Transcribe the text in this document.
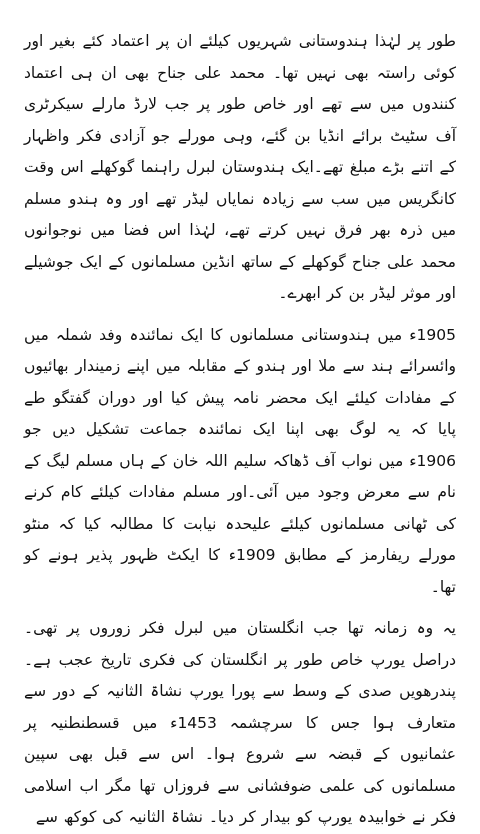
طور پر لہٰذا ہندوستانی شہریوں کیلئے ان پر اعتماد کئے بغیر اور کوئی راستہ بھی نہیں تھا۔ محمد علی جناح بھی ان ہی اعتماد کنندوں میں سے تھے اور خاص طور پر جب لارڈ مارلے سیکرٹری آف سٹیٹ برائے انڈیا بن گئے، وہی مورلے جو آزادی فکر واظہار کے اتنے بڑے مبلغ تھے۔ایک ہندوستان لبرل راہنما گوکھلے اس وقت کانگریس میں سب سے زیادہ نمایاں لیڈر تھے اور وہ ہندو مسلم میں ذرہ بھر فرق نہیں کرتے تھے، لہٰذا اس فضا میں نوجوانوں محمد علی جناح گوکھلے کے ساتھ انڈین مسلمانوں کے ایک جوشیلے اور موثر لیڈر بن کر ابھرے۔

1905ء میں ہندوستانی مسلمانوں کا ایک نمائندہ وفد شملہ میں وائسرائے ہند سے ملا اور ہندو کے مقابلہ میں اپنے زمیندار بھائیوں کے مفادات کیلئے ایک محضر نامہ پیش کیا اور دوران گفتگو طے پایا کہ یہ لوگ بھی اپنا ایک نمائندہ جماعت تشکیل دیں جو 1906ء میں نواب آف ڈھاکہ سلیم اللہ خان کے ہاں مسلم لیگ کے نام سے معرض وجود میں آئی۔اور مسلم مفادات کیلئے کام کرنے کی ٹھانی مسلمانوں کیلئے علیحدہ نیابت کا مطالبہ کیا کہ منٹو مورلے ریفارمز کے مطابق 1909ء کا ایکٹ ظہور پذیر ہونے کو تھا۔

یہ وہ زمانہ تھا جب انگلستان میں لبرل فکر زوروں پر تھی۔ دراصل یورپ خاص طور پر انگلستان کی فکری تاریخ عجب ہے۔ پندرھویں صدی کے وسط سے پورا یورپ نشاۃ الثانیہ کے دور سے متعارف ہوا جس کا سرچشمہ 1453ء میں قسطنطنیہ پر عثمانیوں کے قبضہ سے شروع ہوا۔ اس سے قبل بھی سپین مسلمانوں کی علمی ضوفشانی سے فروزاں تھا مگر اب اسلامی فکر نے خوابیدہ یورپ کو بیدار کر دیا۔ نشاۃ الثانیہ کی کوکھ سے
